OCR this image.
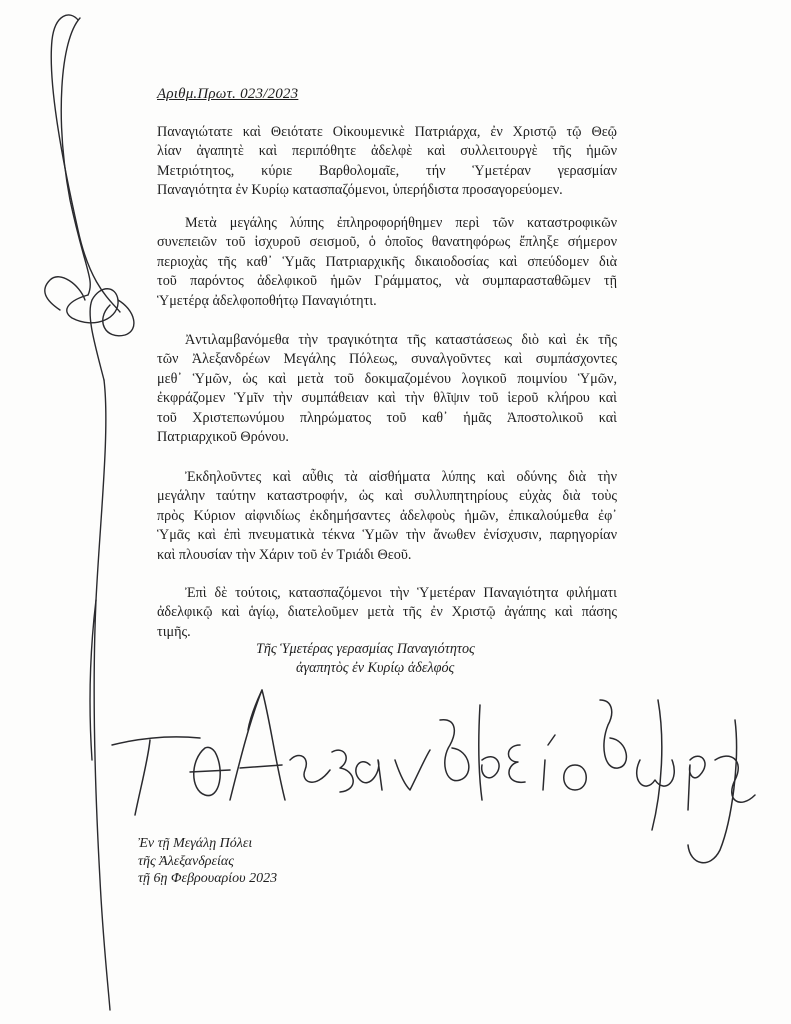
Αριθμ.Πρωτ. 023/2023
Παναγιώτατε καὶ Θειότατε Οἰκουμενικὲ Πατριάρχα, ἐν Χριστῷ τῷ Θεῷ
λίαν ἀγαπητὲ καὶ περιπόθητε ἀδελφὲ καὶ συλλειτουργὲ τῆς ἡμῶν
Μετριότητος, κύριε Βαρθολομαῖε, τήν Ὑμετέραν γερασμίαν
Παναγιότητα ἐν Κυρίῳ κατασπαζόμενοι, ὑπερήδιστα προσαγορεύομεν.
Μετὰ μεγάλης λύπης ἐπληροφορήθημεν περὶ τῶν καταστροφικῶν
συνεπειῶν τοῦ ἰσχυροῦ σεισμοῦ, ὁ ὁποῖος θανατηφόρως ἔπληξε σήμερον
περιοχὰς τῆς καθ᾽ Ὑμᾶς Πατριαρχικῆς δικαιοδοσίας καὶ σπεύδομεν διὰ
τοῦ παρόντος ἀδελφικοῦ ἡμῶν Γράμματος, νὰ συμπαρασταθῶμεν τῇ
Ὑμετέρᾳ ἀδελφοποθήτῳ Παναγιότητι.
Ἀντιλαμβανόμεθα τὴν τραγικότητα τῆς καταστάσεως διὸ καὶ ἐκ τῆς
τῶν Ἀλεξανδρέων Μεγάλης Πόλεως, συναλγοῦντες καὶ συμπάσχοντες
μεθ᾽ Ὑμῶν, ὡς καὶ μετὰ τοῦ δοκιμαζομένου λογικοῦ ποιμνίου Ὑμῶν,
ἐκφράζομεν Ὑμῖν τὴν συμπάθειαν καὶ τὴν θλῖψιν τοῦ ἱεροῦ κλήρου καὶ
τοῦ Χριστεπωνύμου πληρώματος τοῦ καθ᾽ ἡμᾶς Ἀποστολικοῦ καὶ
Πατριαρχικοῦ Θρόνου.
Ἐκδηλοῦντες καὶ αὖθις τὰ αἰσθήματα λύπης καὶ οδύνης διὰ τὴν
μεγάλην ταύτην καταστροφήν, ὡς καὶ συλλυπητηρίους εὐχὰς διὰ τοὺς
πρὸς Κύριον αἰφνιδίως ἐκδημήσαντες ἀδελφοὺς ἡμῶν, ἐπικαλούμεθα ἐφ᾽
Ὑμᾶς καὶ ἐπὶ πνευματικὰ τέκνα Ὑμῶν τὴν ἄνωθεν ἐνίσχυσιν, παρηγορίαν
καὶ πλουσίαν τὴν Χάριν τοῦ ἐν Τριάδι Θεοῦ.
Ἐπὶ δὲ τούτοις, κατασπαζόμενοι τὴν Ὑμετέραν Παναγιότητα φιλήματι
ἀδελφικῷ καὶ ἁγίῳ, διατελοῦμεν μετὰ τῆς ἐν Χριστῷ ἀγάπης καὶ πάσης
τιμῆς.
Τῆς Ὑμετέρας γερασμίας Παναγιότητος
ἀγαπητὸς ἐν Κυρίῳ ἀδελφός
Ἐν τῇ Μεγάλῃ Πόλει
τῆς Ἀλεξανδρείας
τῇ 6ῃ Φεβρουαρίου 2023
